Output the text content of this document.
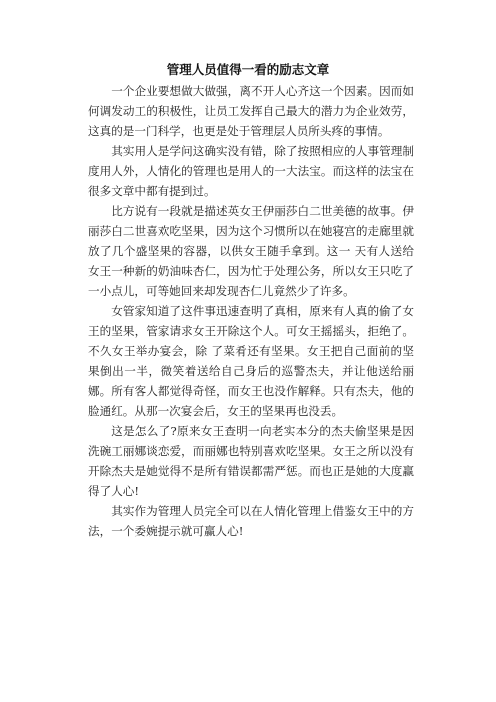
管理人员值得一看的励志文章

一个企业要想做大做强，离不开人心齐这一个因素。因而如何调发动工的积极性，让员工发挥自己最大的潜力为企业效劳，这真的是一门科学，也更是处于管理层人员所头疼的事情。

其实用人是学问这确实没有错，除了按照相应的人事管理制度用人外，人情化的管理也是用人的一大法宝。而这样的法宝在很多文章中都有提到过。

比方说有一段就是描述英女王伊丽莎白二世美德的故事。伊丽莎白二世喜欢吃坚果，因为这个习惯所以在她寝宫的走廊里就放了几个盛坚果的容器，以供女王随手拿到。这一 天有人送给女王一种新的奶油味杏仁，因为忙于处理公务，所以女王只吃了一小点儿，可等她回来却发现杏仁儿竟然少了许多。

女管家知道了这件事迅速查明了真相，原来有人真的偷了女王的坚果，管家请求女王开除这个人。可女王摇摇头，拒绝了。不久女王举办宴会，除 了菜肴还有坚果。女王把自己面前的坚果倒出一半，微笑着送给自己身后的巡警杰夫，并让他送给丽娜。所有客人都觉得奇怪，而女王也没作解释。只有杰夫，他的脸通红。从那一次宴会后，女王的坚果再也没丢。

这是怎么了?原来女王查明一向老实本分的杰夫偷坚果是因 洗碗工丽娜谈恋爱，而丽娜也特别喜欢吃坚果。女王之所以没有开除杰夫是她觉得不是所有错误都需严惩。而也正是她的大度赢得了人心!

其实作为管理人员完全可以在人情化管理上借鉴女王中的方法，一个委婉提示就可赢人心!
